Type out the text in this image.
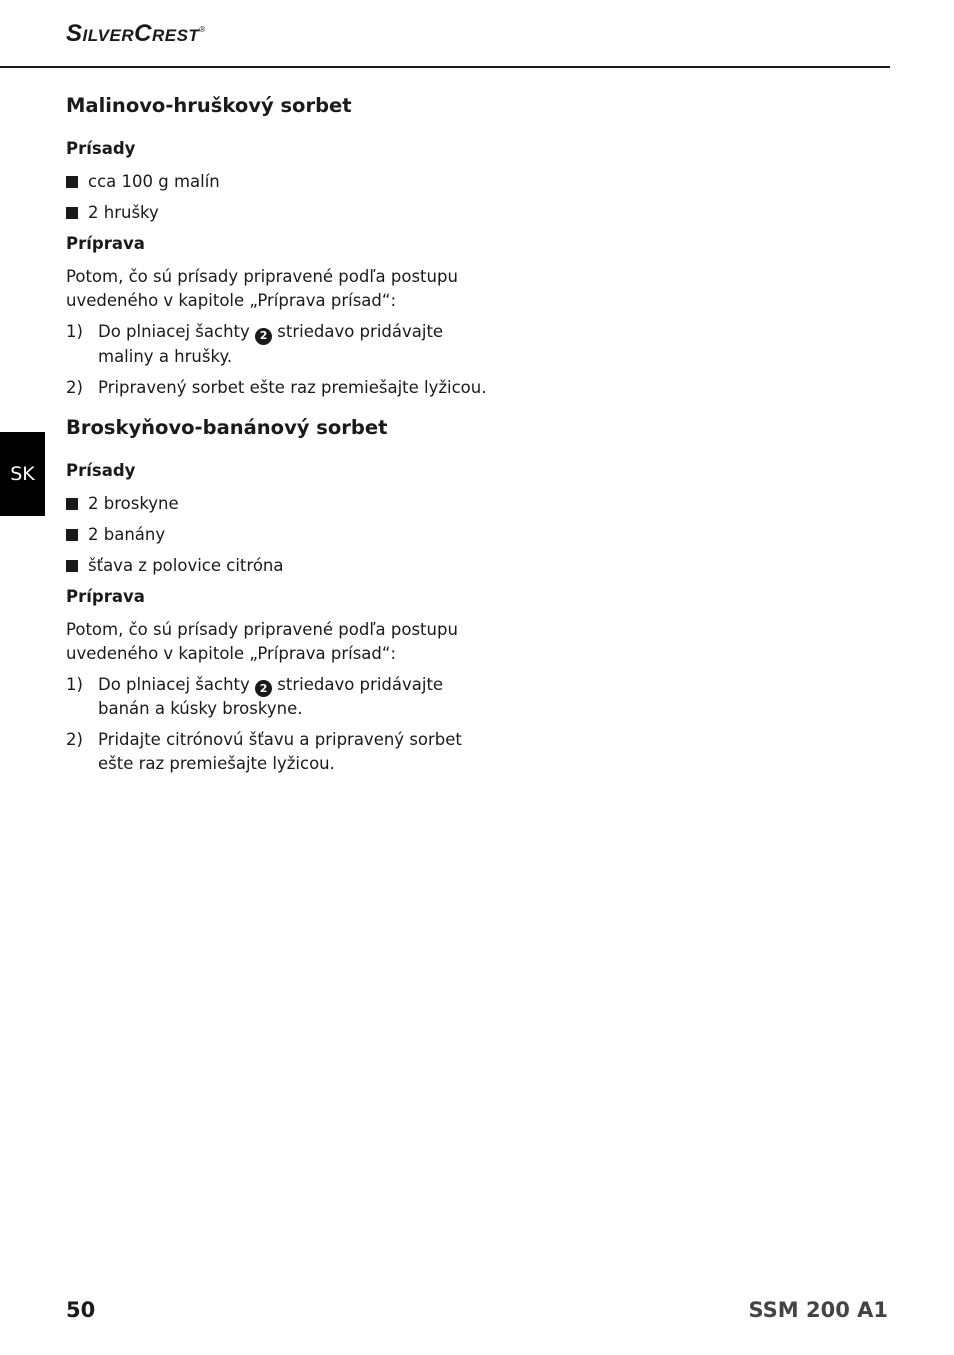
SilverCrest®
SK
Malinovo-hruškový sorbet
Prísady
cca 100 g malín
2 hrušky
Príprava

Potom, čo sú prísady pripravené podľa postupu uvedeného v kapitole „Príprava prísad“:

1) Do plniacej šachty 2 striedavo pridávajte maliny a hrušky.
2) Pripravený sorbet ešte raz premiešajte lyžicou.
Broskyňovo-banánový sorbet
Prísady
2 broskyne
2 banány
šťava z polovice citróna
Príprava

Potom, čo sú prísady pripravené podľa postupu uvedeného v kapitole „Príprava prísad“:

1) Do plniacej šachty 2 striedavo pridávajte banán a kúsky broskyne.
2) Pridajte citrónovú šťavu a pripravený sorbet ešte raz premiešajte lyžicou.
50	SSM 200 A1
